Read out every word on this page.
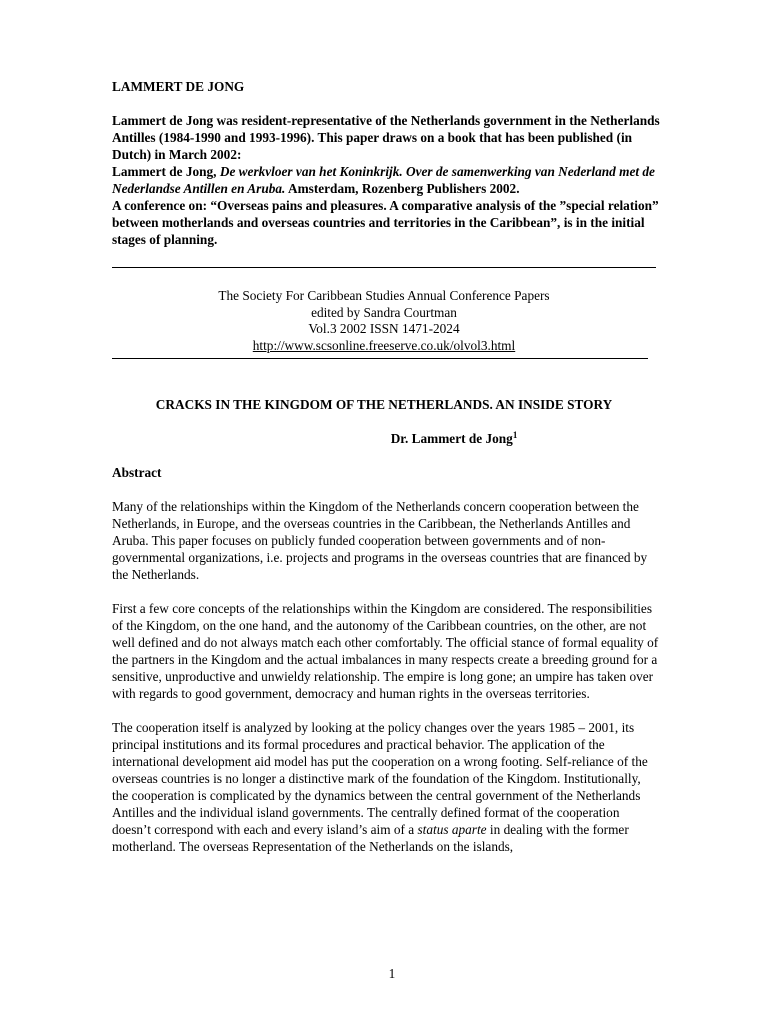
LAMMERT DE JONG

Lammert de Jong was resident-representative of the Netherlands government in the Netherlands Antilles (1984-1990 and 1993-1996). This paper draws on a book that has been published (in Dutch) in March 2002:
Lammert de Jong, De werkvloer van het Koninkrijk. Over de samenwerking van Nederland met de Nederlandse Antillen en Aruba. Amsterdam, Rozenberg Publishers 2002.
A conference on: “Overseas pains and pleasures. A comparative analysis of the ”special relation” between motherlands and overseas countries and territories in the Caribbean”, is in the initial stages of planning.

The Society For Caribbean Studies Annual Conference Papers
edited by Sandra Courtman
Vol.3 2002 ISSN 1471-2024
http://www.scsonline.freeserve.co.uk/olvol3.html
CRACKS IN THE KINGDOM OF THE NETHERLANDS. AN INSIDE STORY
Dr. Lammert de Jong$^1$
Abstract

Many of the relationships within the Kingdom of the Netherlands concern cooperation between the Netherlands, in Europe, and the overseas countries in the Caribbean, the Netherlands Antilles and Aruba. This paper focuses on publicly funded cooperation between governments and of non-governmental organizations, i.e. projects and programs in the overseas countries that are financed by the Netherlands.

First a few core concepts of the relationships within the Kingdom are considered. The responsibilities of the Kingdom, on the one hand, and the autonomy of the Caribbean countries, on the other, are not well defined and do not always match each other comfortably. The official stance of formal equality of the partners in the Kingdom and the actual imbalances in many respects create a breeding ground for a sensitive, unproductive and unwieldy relationship. The empire is long gone; an umpire has taken over with regards to good government, democracy and human rights in the overseas territories.

The cooperation itself is analyzed by looking at the policy changes over the years 1985 – 2001, its principal institutions and its formal procedures and practical behavior. The application of the international development aid model has put the cooperation on a wrong footing. Self-reliance of the overseas countries is no longer a distinctive mark of the foundation of the Kingdom. Institutionally, the cooperation is complicated by the dynamics between the central government of the Netherlands Antilles and the individual island governments. The centrally defined format of the cooperation doesn’t correspond with each and every island’s aim of a status aparte in dealing with the former motherland. The overseas Representation of the Netherlands on the islands,

1
